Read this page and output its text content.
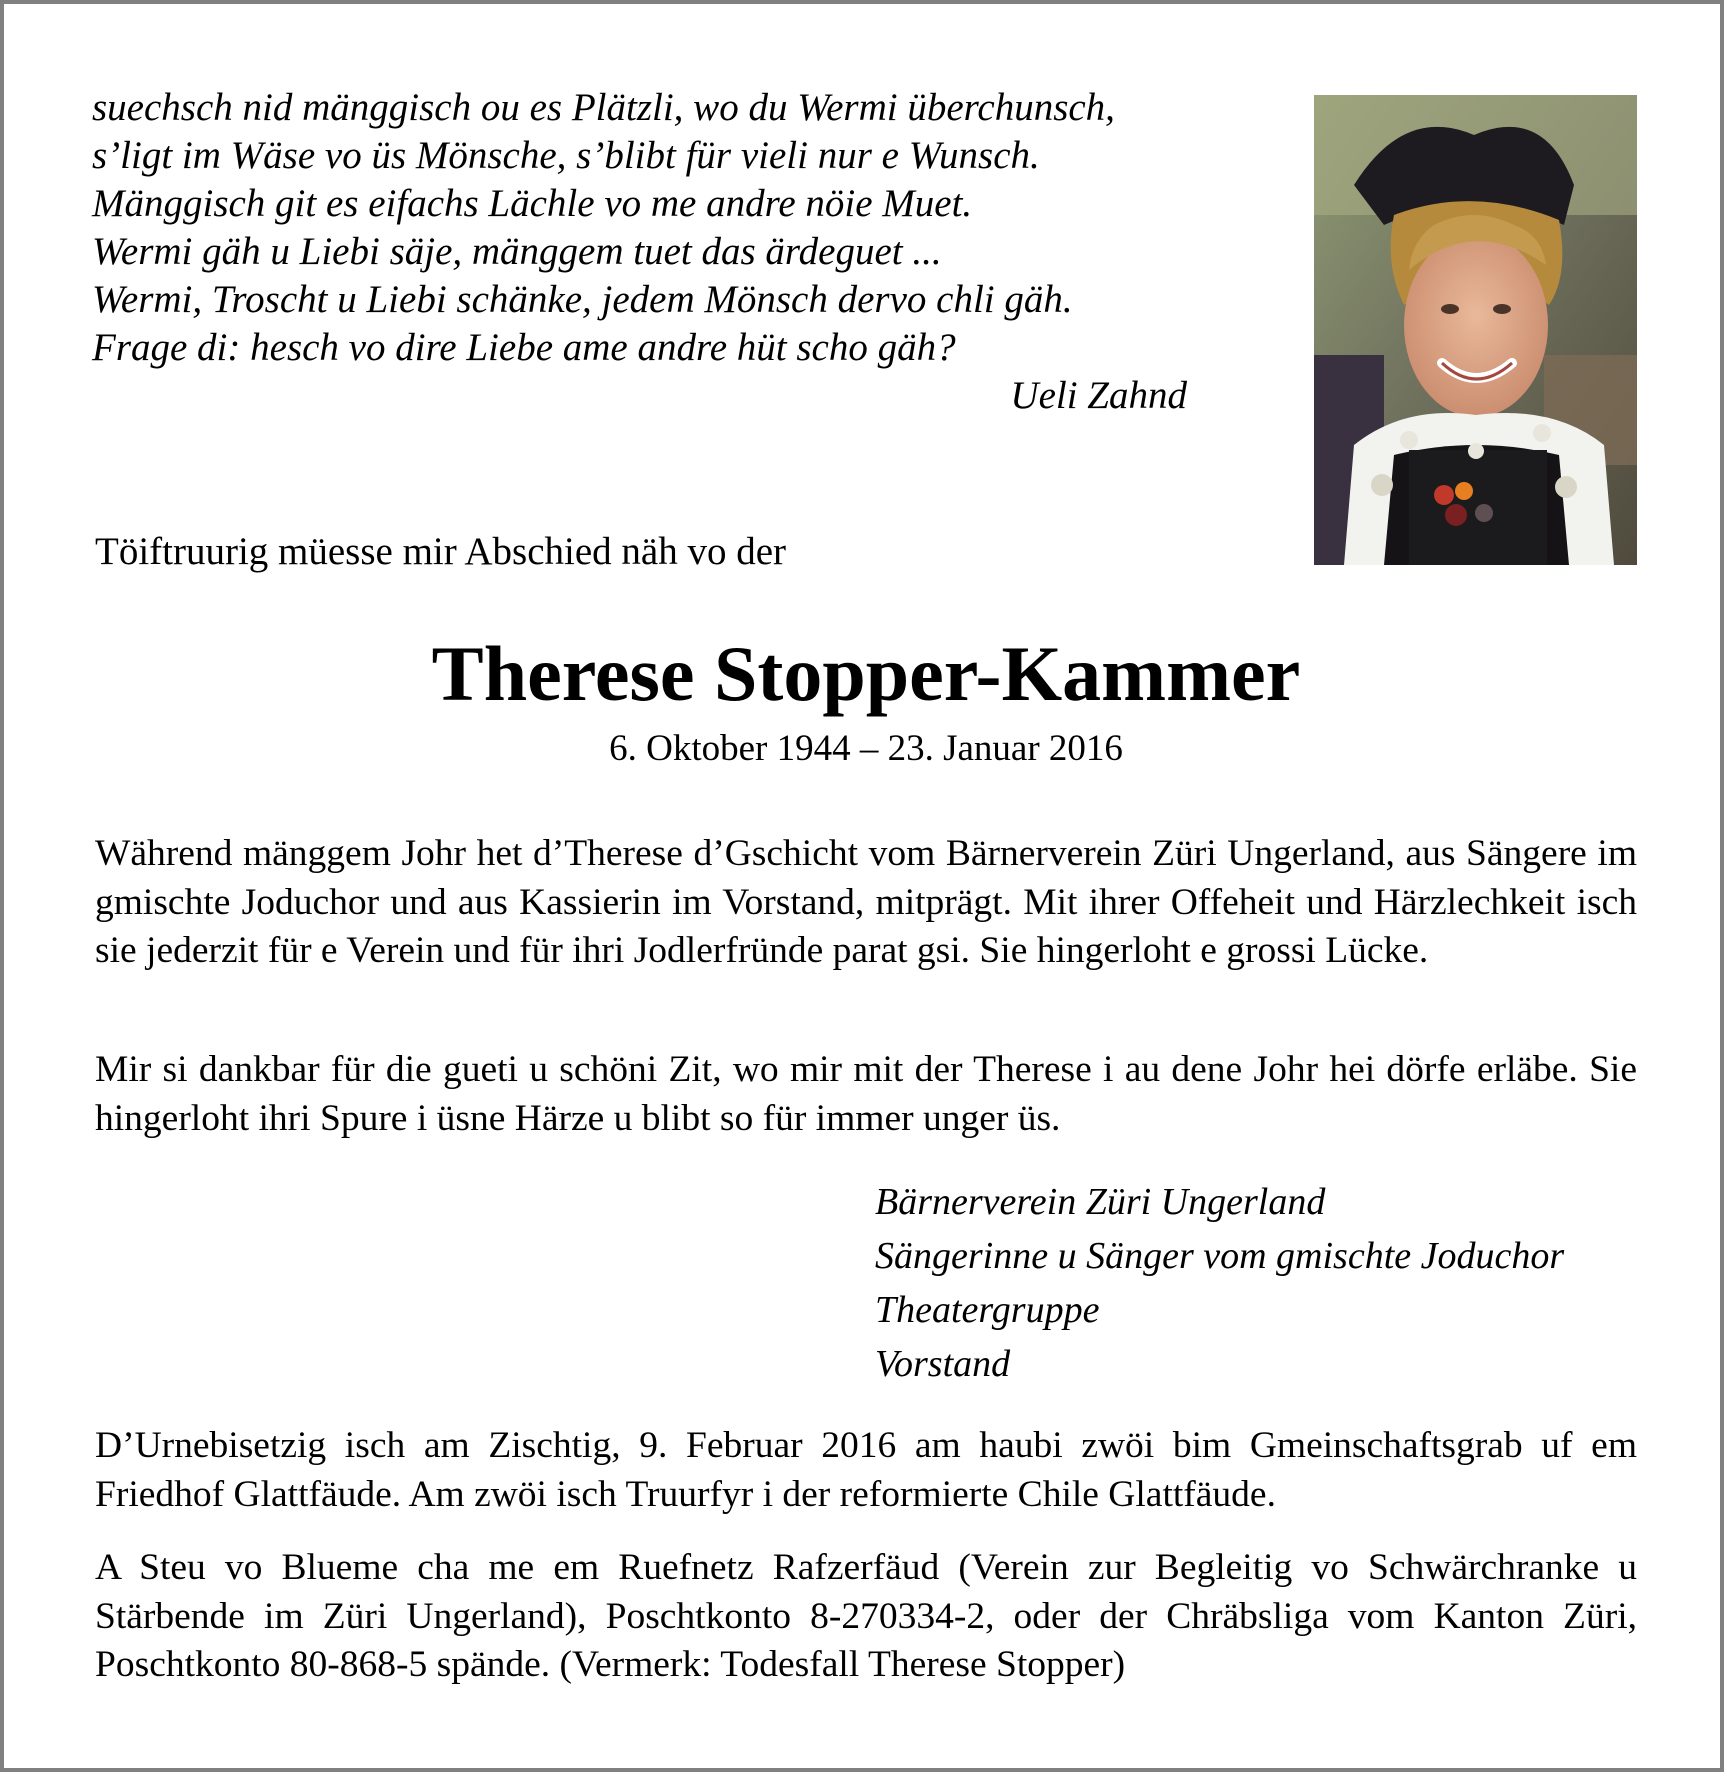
suechsch nid mänggisch ou es Plätzli, wo du Wermi überchunsch,
s’ligt im Wäse vo üs Mönsche, s’blibt für vieli nur e Wunsch.
Mänggisch git es eifachs Lächle vo me andre nöie Muet.
Wermi gäh u Liebi säje, mänggem tuet das ärdeguet ...
Wermi, Troscht u Liebi schänke, jedem Mönsch dervo chli gäh.
Frage di: hesch vo dire Liebe ame andre hüt scho gäh?
Ueli Zahnd
Töiftruurig müesse mir Abschied näh vo der
Therese Stopper-Kammer
6. Oktober 1944 – 23. Januar 2016
Während mänggem Johr het d’Therese d’Gschicht vom Bärnerverein Züri Ungerland, aus Sängere im gmischte Joduchor und aus Kassierin im Vorstand, mitprägt. Mit ihrer Offeheit und Härzlechkeit isch sie jederzit für e Verein und für ihri Jodlerfründe parat gsi. Sie hingerloht e grossi Lücke.
Mir si dankbar für die gueti u schöni Zit, wo mir mit der Therese i au dene Johr hei dörfe erläbe. Sie hingerloht ihri Spure i üsne Härze u blibt so für immer unger üs.
Bärnerverein Züri Ungerland
Sängerinne u Sänger vom gmischte Joduchor
Theatergruppe
Vorstand
D’Urnebisetzig isch am Zischtig, 9. Februar 2016 am haubi zwöi bim Gmeinschaftsgrab uf em Friedhof Glattfäude. Am zwöi isch Truurfyr i der reformierte Chile Glattfäude.
A Steu vo Blueme cha me em Ruefnetz Rafzerfäud (Verein zur Begleitig vo Schwärchranke u Stärbende im Züri Ungerland), Poschtkonto 8-270334-2, oder der Chräbsliga vom Kanton Züri, Poschtkonto 80-868-5 spände. (Vermerk: Todesfall Therese Stopper)
